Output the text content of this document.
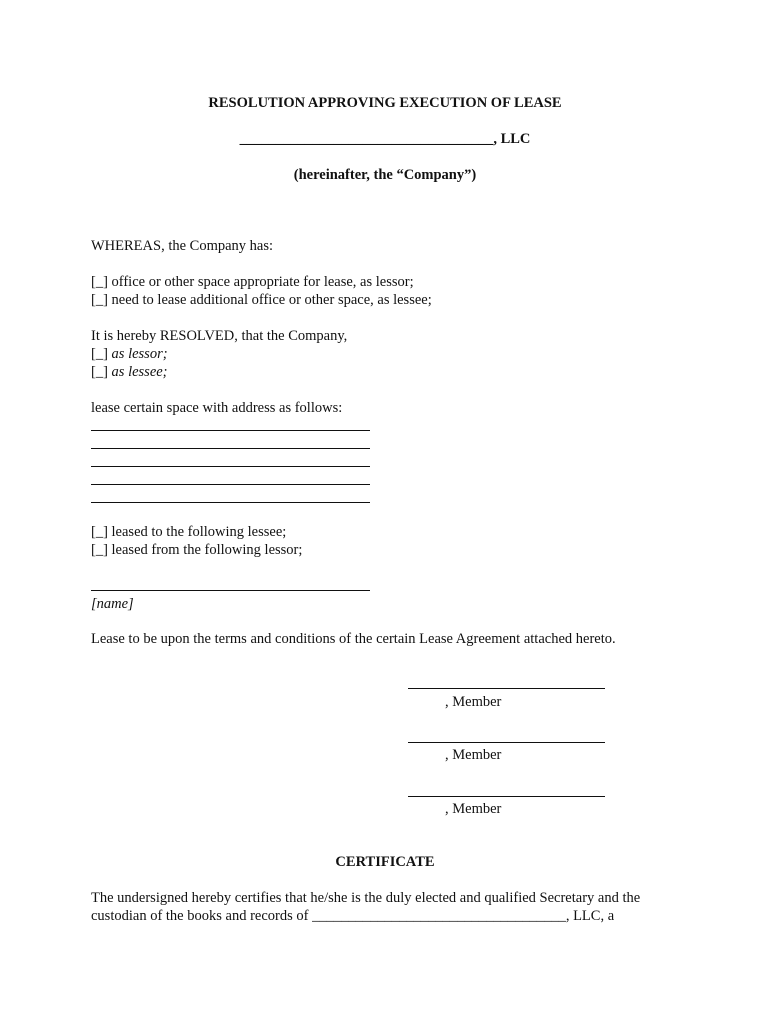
RESOLUTION APPROVING EXECUTION OF LEASE
___________________________________, LLC
(hereinafter, the “Company”)
WHEREAS, the Company has:
[_] office or other space appropriate for lease, as lessor;
[_] need to lease additional office or other space, as lessee;
It is hereby RESOLVED, that the Company,
[_] as lessor;
[_] as lessee;
lease certain space with address as follows:
[_] leased to the following lessee;
[_] leased from the following lessor;
[name]
Lease to be upon the terms and conditions of the certain Lease Agreement attached hereto.
, Member
, Member
, Member
CERTIFICATE
The undersigned hereby certifies that he/she is the duly elected and qualified Secretary and the
custodian of the books and records of ___________________________________, LLC, a
